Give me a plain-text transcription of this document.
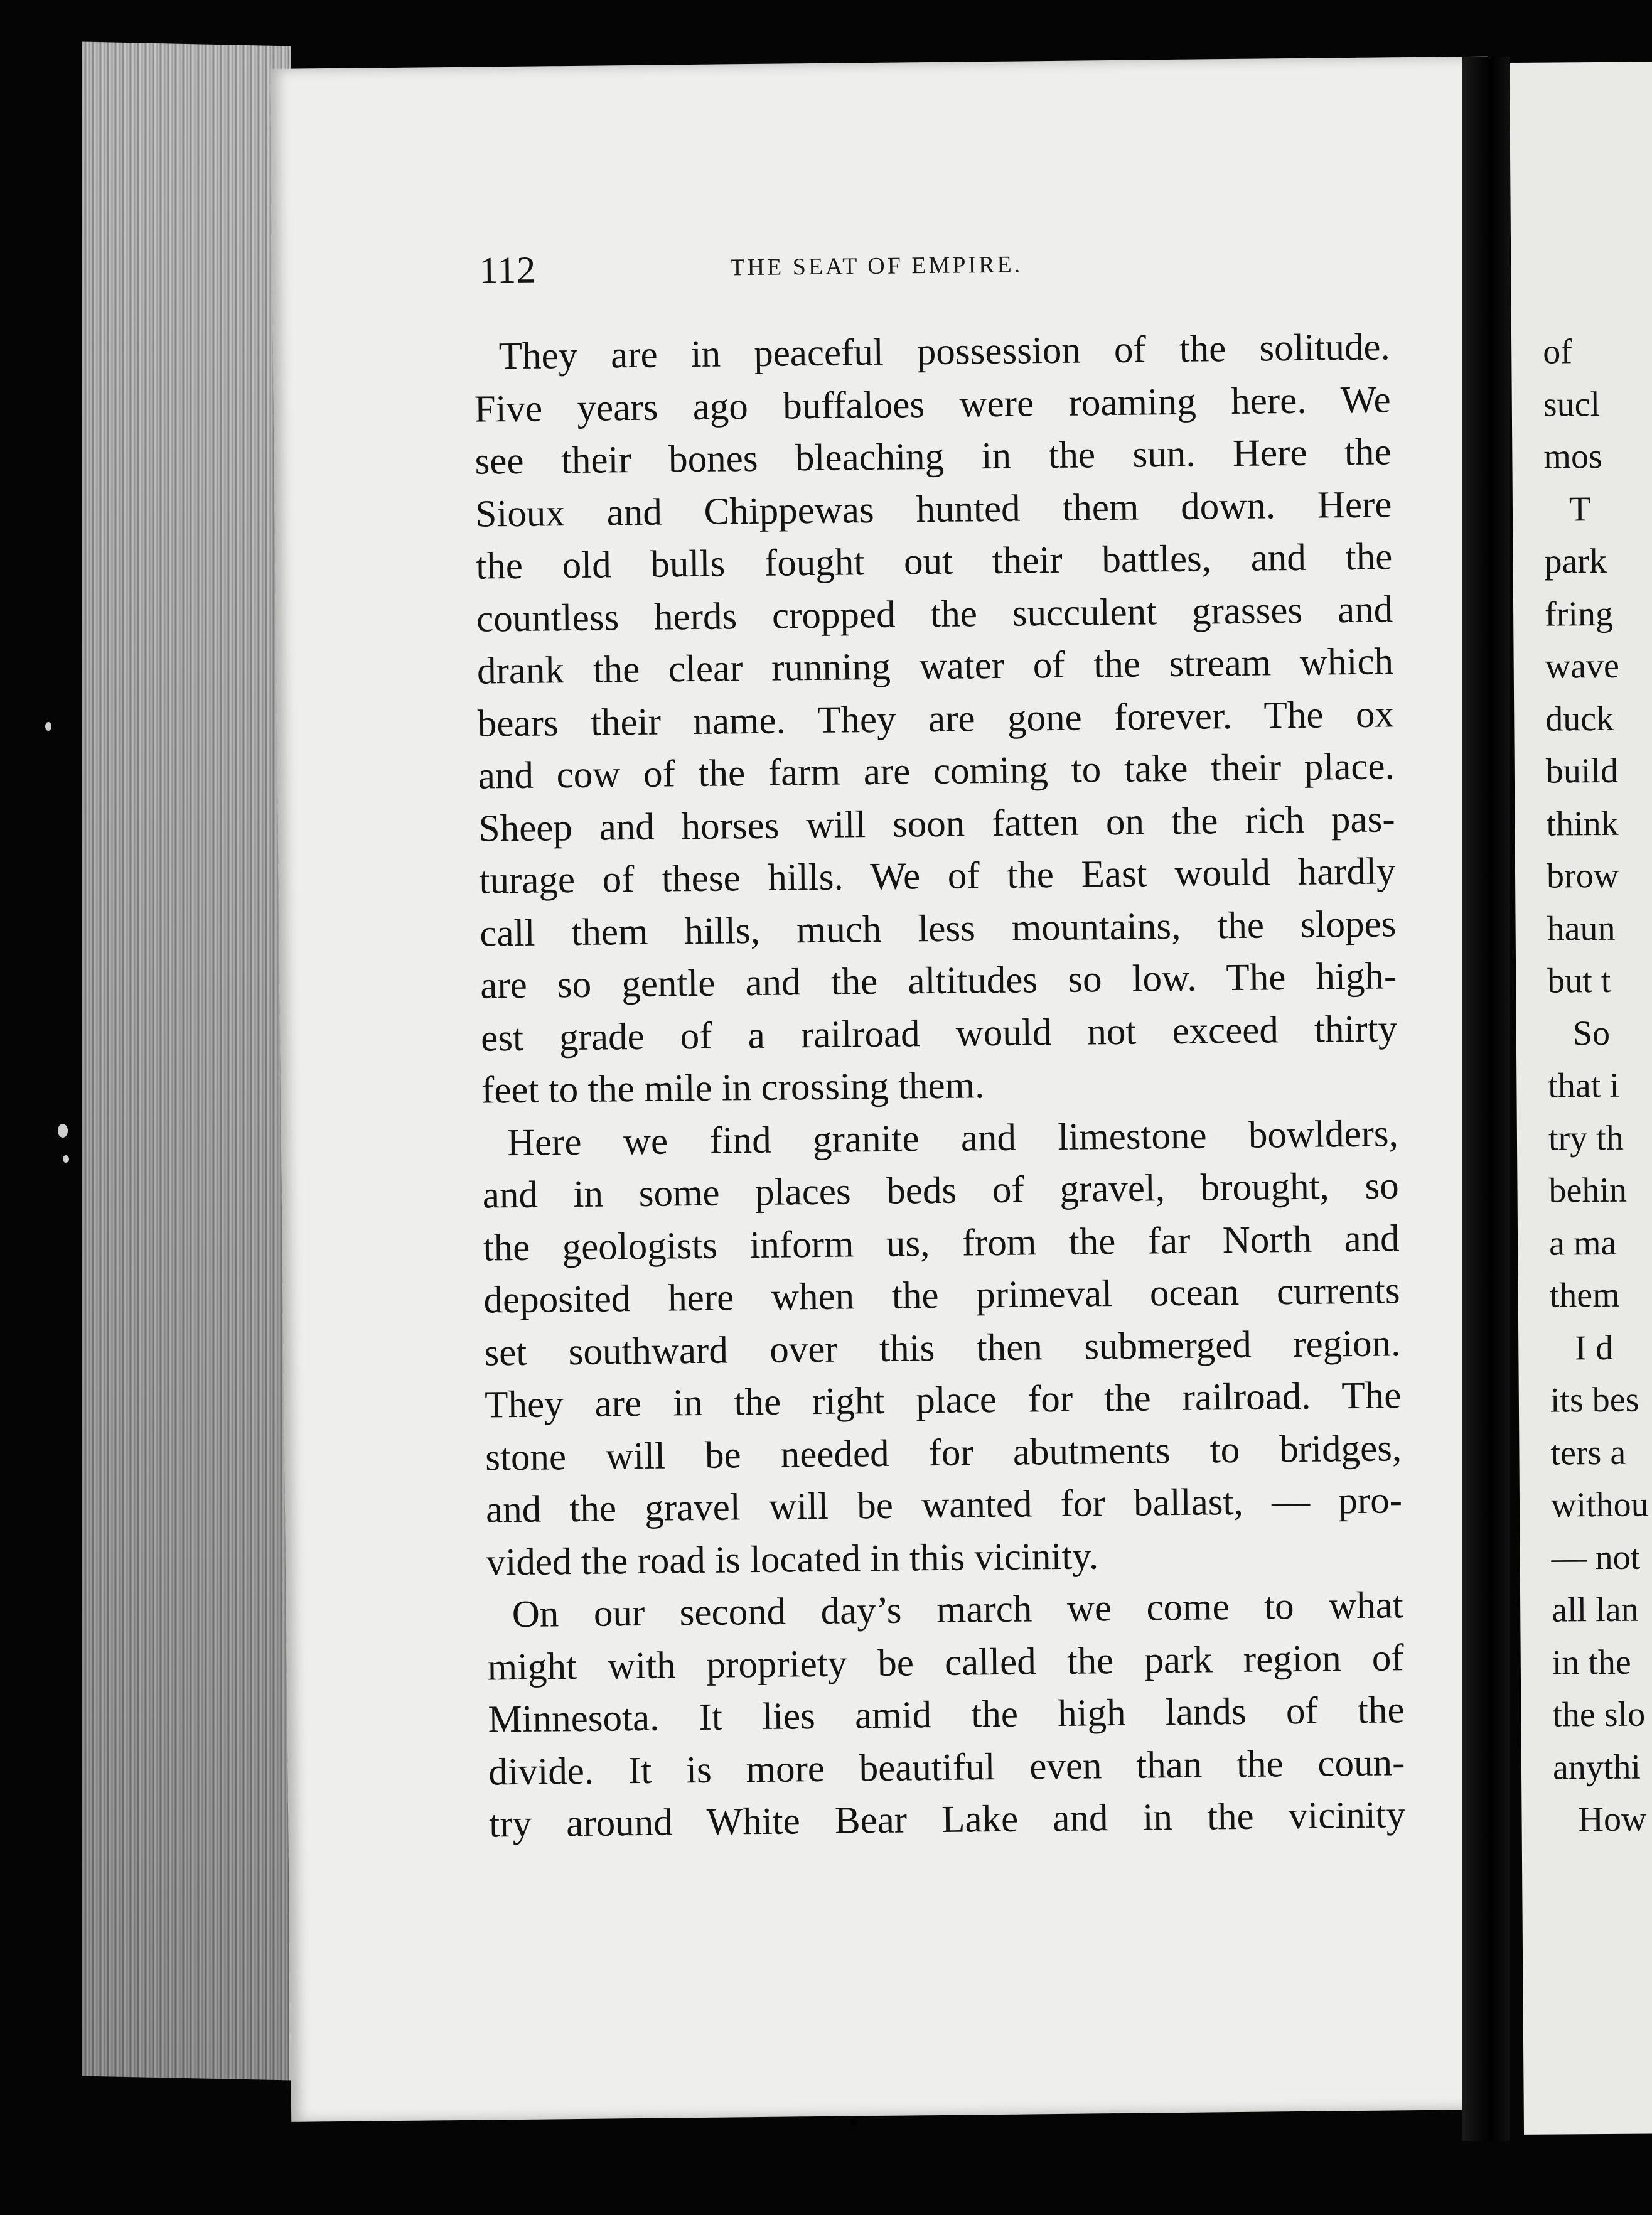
112	THE SEAT OF EMPIRE.
They are in peaceful possession of the solitude.
Five years ago buffaloes were roaming here. We
see their bones bleaching in the sun. Here the
Sioux and Chippewas hunted them down. Here
the old bulls fought out their battles, and the
countless herds cropped the succulent grasses and
drank the clear running water of the stream which
bears their name. They are gone forever. The ox
and cow of the farm are coming to take their place.
Sheep and horses will soon fatten on the rich pas-
turage of these hills. We of the East would hardly
call them hills, much less mountains, the slopes
are so gentle and the altitudes so low. The high-
est grade of a railroad would not exceed thirty
feet to the mile in crossing them.
Here we find granite and limestone bowlders,
and in some places beds of gravel, brought, so
the geologists inform us, from the far North and
deposited here when the primeval ocean currents
set southward over this then submerged region.
They are in the right place for the railroad. The
stone will be needed for abutments to bridges,
and the gravel will be wanted for ballast, — pro-
vided the road is located in this vicinity.
On our second day’s march we come to what
might with propriety be called the park region of
Minnesota. It lies amid the high lands of the
divide. It is more beautiful even than the coun-
try around White Bear Lake and in the vicinity
of
sucl
mos
T
park
fring
wave
duck
build
think
brow
haun
but t
So
that i
try th
behin
a ma
them
I d
its bes
ters a
withou
— not
all lan
in the
the slo
anythi
How
